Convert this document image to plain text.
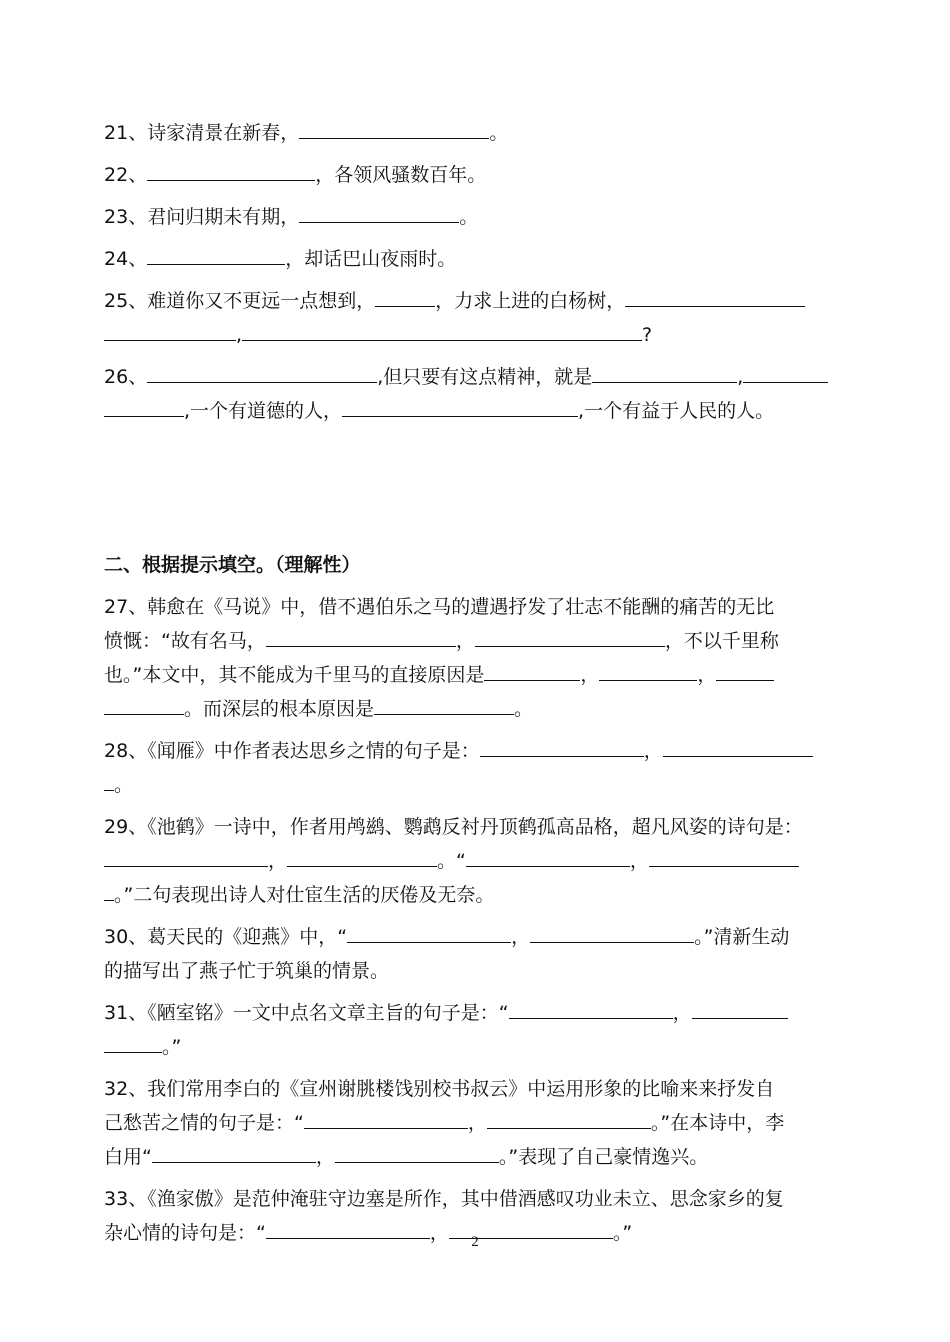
21、诗家清景在新春，	。
22、	，各领风骚数百年。
23、君问归期未有期，	。
24、	，却话巴山夜雨时。
25、难道你又不更远一点想到，	，力求上进的白杨树，
,	?
26、	,但只要有这点精神，就是	,
,一个有道德的人，	,一个有益于人民的人。
二、根据提示填空。（理解性）
27、韩愈在《马说》中，借不遇伯乐之马的遭遇抒发了壮志不能酬的痛苦的无比
愤慨：“故有名马，	，	，不以千里称
也。”本文中，其不能成为千里马的直接原因是	，	，
。而深层的根本原因是	。
28、《闻雁》中作者表达思乡之情的句子是：	，
。
29、《池鹤》一诗中，作者用鸬鹚、鹦鹉反衬丹顶鹤孤高品格，超凡风姿的诗句是：
，	。“	，
。”二句表现出诗人对仕宦生活的厌倦及无奈。
30、葛天民的《迎燕》中，“	，	。”清新生动
的描写出了燕子忙于筑巢的情景。
31、《陋室铭》一文中点名文章主旨的句子是：“	，
。”
32、我们常用李白的《宣州谢朓楼饯别校书叔云》中运用形象的比喻来来抒发自
己愁苦之情的句子是：“	，	。”在本诗中，李
白用“	，	。”表现了自己豪情逸兴。
33、《渔家傲》是范仲淹驻守边塞是所作，其中借酒感叹功业未立、思念家乡的复
杂心情的诗句是：“	，	。”
2
